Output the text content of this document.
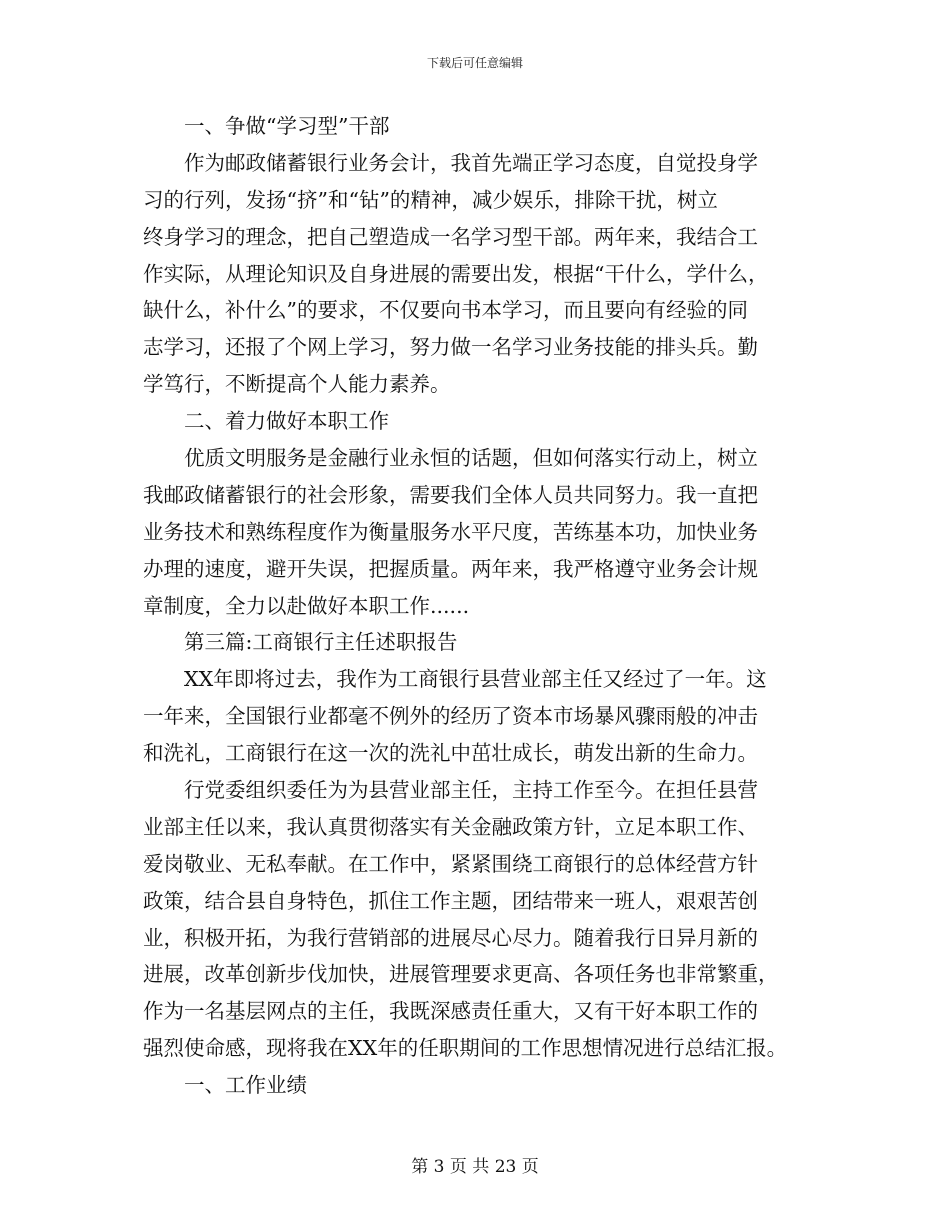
下载后可任意编辑
　　一、争做“学习型”干部
　　作为邮政储蓄银行业务会计，我首先端正学习态度，自觉投身学
习的行列，发扬“挤”和“钻”的精神，减少娱乐，排除干扰，树立
终身学习的理念，把自己塑造成一名学习型干部。两年来，我结合工
作实际，从理论知识及自身进展的需要出发，根据“干什么，学什么，
缺什么，补什么”的要求，不仅要向书本学习，而且要向有经验的同
志学习，还报了个网上学习，努力做一名学习业务技能的排头兵。勤
学笃行，不断提高个人能力素养。
　　二、着力做好本职工作
　　优质文明服务是金融行业永恒的话题，但如何落实行动上，树立
我邮政储蓄银行的社会形象，需要我们全体人员共同努力。我一直把
业务技术和熟练程度作为衡量服务水平尺度，苦练基本功，加快业务
办理的速度，避开失误，把握质量。两年来，我严格遵守业务会计规
章制度，全力以赴做好本职工作......
　　第三篇:工商银行主任述职报告
　　XX年即将过去，我作为工商银行县营业部主任又经过了一年。这
一年来，全国银行业都毫不例外的经历了资本市场暴风骤雨般的冲击
和洗礼，工商银行在这一次的洗礼中茁壮成长，萌发出新的生命力。
　　行党委组织委任为为县营业部主任，主持工作至今。在担任县营
业部主任以来，我认真贯彻落实有关金融政策方针，立足本职工作、
爱岗敬业、无私奉献。在工作中，紧紧围绕工商银行的总体经营方针
政策，结合县自身特色，抓住工作主题，团结带来一班人，艰艰苦创
业，积极开拓，为我行营销部的进展尽心尽力。随着我行日异月新的
进展，改革创新步伐加快，进展管理要求更高、各项任务也非常繁重，
作为一名基层网点的主任，我既深感责任重大，又有干好本职工作的
强烈使命感，现将我在XX年的任职期间的工作思想情况进行总结汇报。
　　一、工作业绩
第 3 页 共 23 页
